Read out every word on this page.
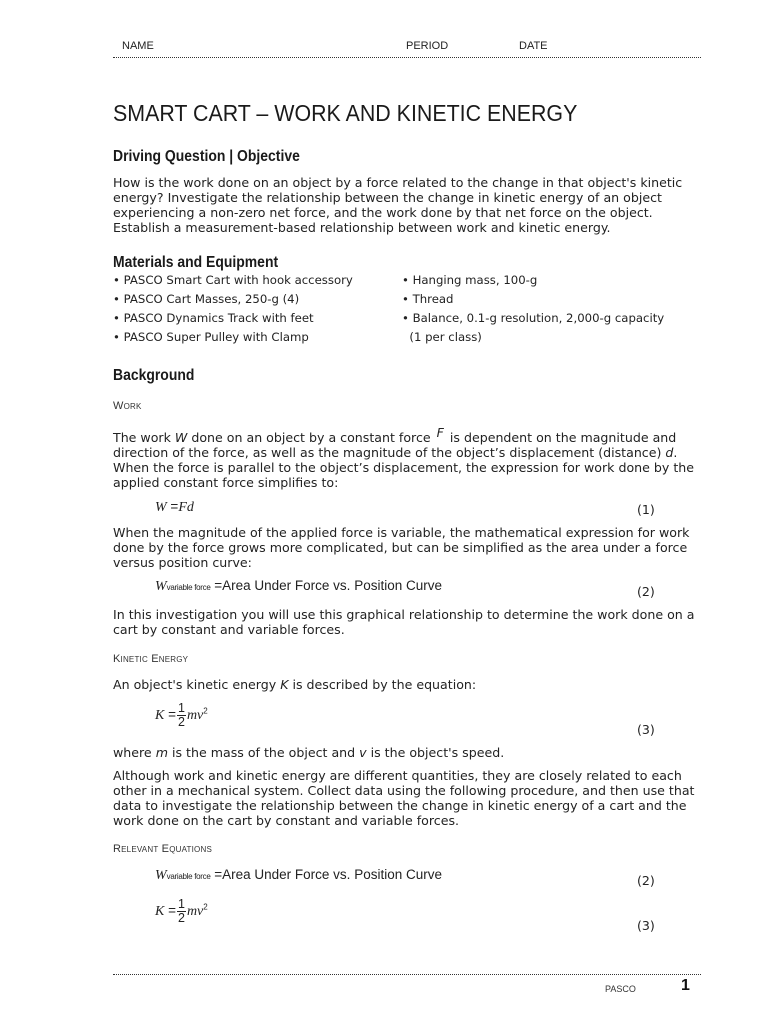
NAME	PERIOD	DATE
SMART CART – WORK AND KINETIC ENERGY
Driving Question | Objective

How is the work done on an object by a force related to the change in that object's kinetic energy? Investigate the relationship between the change in kinetic energy of an object experiencing a non-zero net force, and the work done by that net force on the object. Establish a measurement-based relationship between work and kinetic energy.

Materials and Equipment
• PASCO Smart Cart with hook accessory
• PASCO Cart Masses, 250-g (4)
• PASCO Dynamics Track with feet
• PASCO Super Pulley with Clamp
• Hanging mass, 100-g
• Thread
• Balance, 0.1-g resolution, 2,000-g capacity
(1 per class)
Background
Work

The work W done on an object by a constant force F is dependent on the magnitude and direction of the force, as well as the magnitude of the object’s displacement (distance) d. When the force is parallel to the object’s displacement, the expression for work done by the applied constant force simplifies to:

W =Fd	(1)

When the magnitude of the applied force is variable, the mathematical expression for work done by the force grows more complicated, but can be simplified as the area under a force versus position curve:

Wvariable force =Area Under Force vs. Position Curve	(2)

In this investigation you will use this graphical relationship to determine the work done on a cart by constant and variable forces.

Kinetic Energy

An object's kinetic energy K is described by the equation:

$K = \frac{1}{2} mv^2$
(3)

where m is the mass of the object and v is the object's speed.

Although work and kinetic energy are different quantities, they are closely related to each other in a mechanical system. Collect data using the following procedure, and then use that data to investigate the relationship between the change in kinetic energy of a cart and the work done on the cart by constant and variable forces.

Relevant Equations
Wvariable force =Area Under Force vs. Position Curve	(2)
$K = \frac{1}{2} mv^2$
(3)
PASCO	1
